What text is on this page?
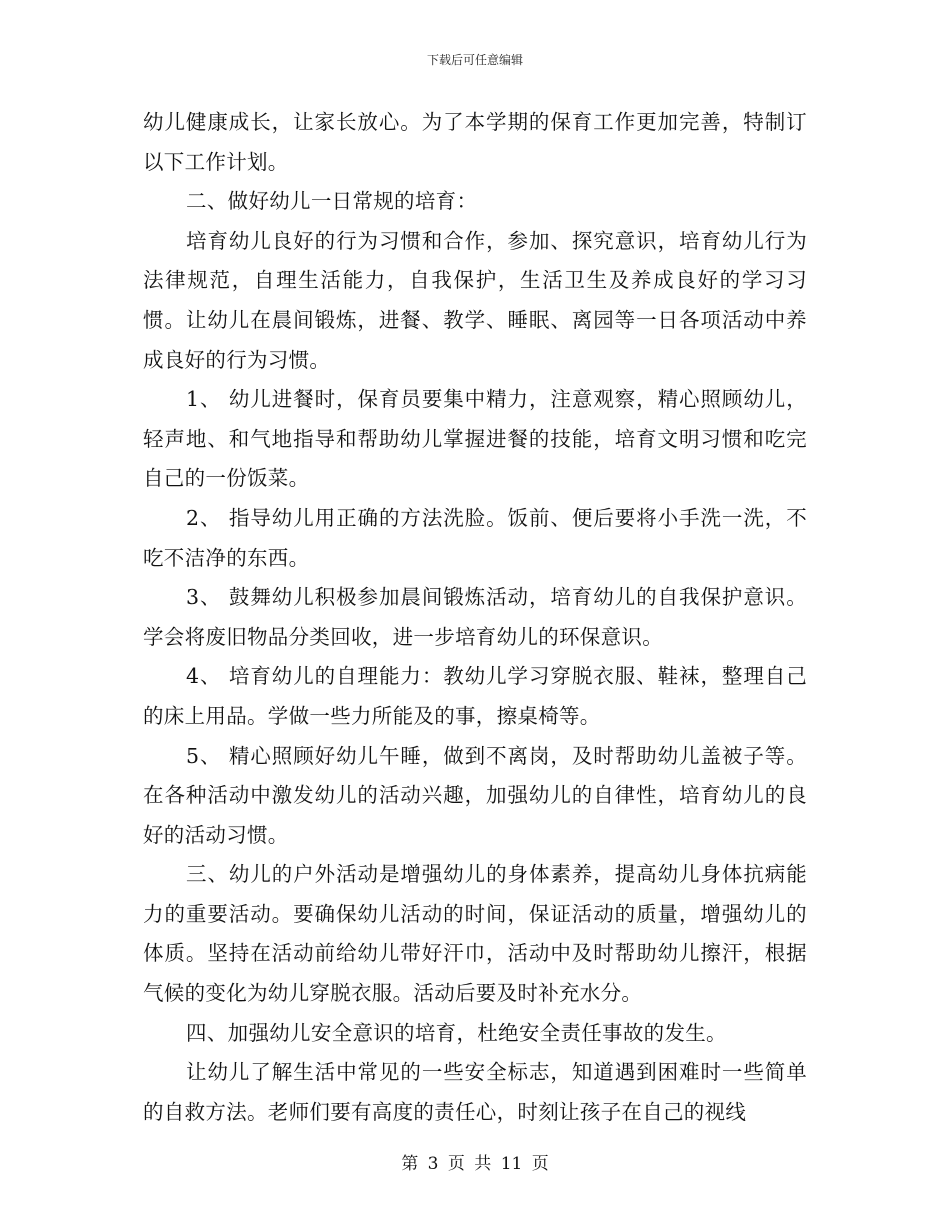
下载后可任意编辑

幼儿健康成长，让家长放心。为了本学期的保育工作更加完善，特制订以下工作计划。

二、做好幼儿一日常规的培育：

培育幼儿良好的行为习惯和合作，参加、探究意识，培育幼儿行为法律规范，自理生活能力，自我保护，生活卫生及养成良好的学习习惯。让幼儿在晨间锻炼，进餐、教学、睡眠、离园等一日各项活动中养成良好的行为习惯。

1、 幼儿进餐时，保育员要集中精力，注意观察，精心照顾幼儿，轻声地、和气地指导和帮助幼儿掌握进餐的技能，培育文明习惯和吃完自己的一份饭菜。

2、 指导幼儿用正确的方法洗脸。饭前、便后要将小手洗一洗，不吃不洁净的东西。

3、 鼓舞幼儿积极参加晨间锻炼活动，培育幼儿的自我保护意识。学会将废旧物品分类回收，进一步培育幼儿的环保意识。

4、 培育幼儿的自理能力：教幼儿学习穿脱衣服、鞋袜，整理自己的床上用品。学做一些力所能及的事，擦桌椅等。

5、 精心照顾好幼儿午睡，做到不离岗，及时帮助幼儿盖被子等。在各种活动中激发幼儿的活动兴趣，加强幼儿的自律性，培育幼儿的良好的活动习惯。

三、幼儿的户外活动是增强幼儿的身体素养，提高幼儿身体抗病能力的重要活动。要确保幼儿活动的时间，保证活动的质量，增强幼儿的体质。坚持在活动前给幼儿带好汗巾，活动中及时帮助幼儿擦汗，根据气候的变化为幼儿穿脱衣服。活动后要及时补充水分。

四、加强幼儿安全意识的培育，杜绝安全责任事故的发生。

让幼儿了解生活中常见的一些安全标志，知道遇到困难时一些简单的自救方法。老师们要有高度的责任心，时刻让孩子在自己的视线

第 3 页 共 11 页
